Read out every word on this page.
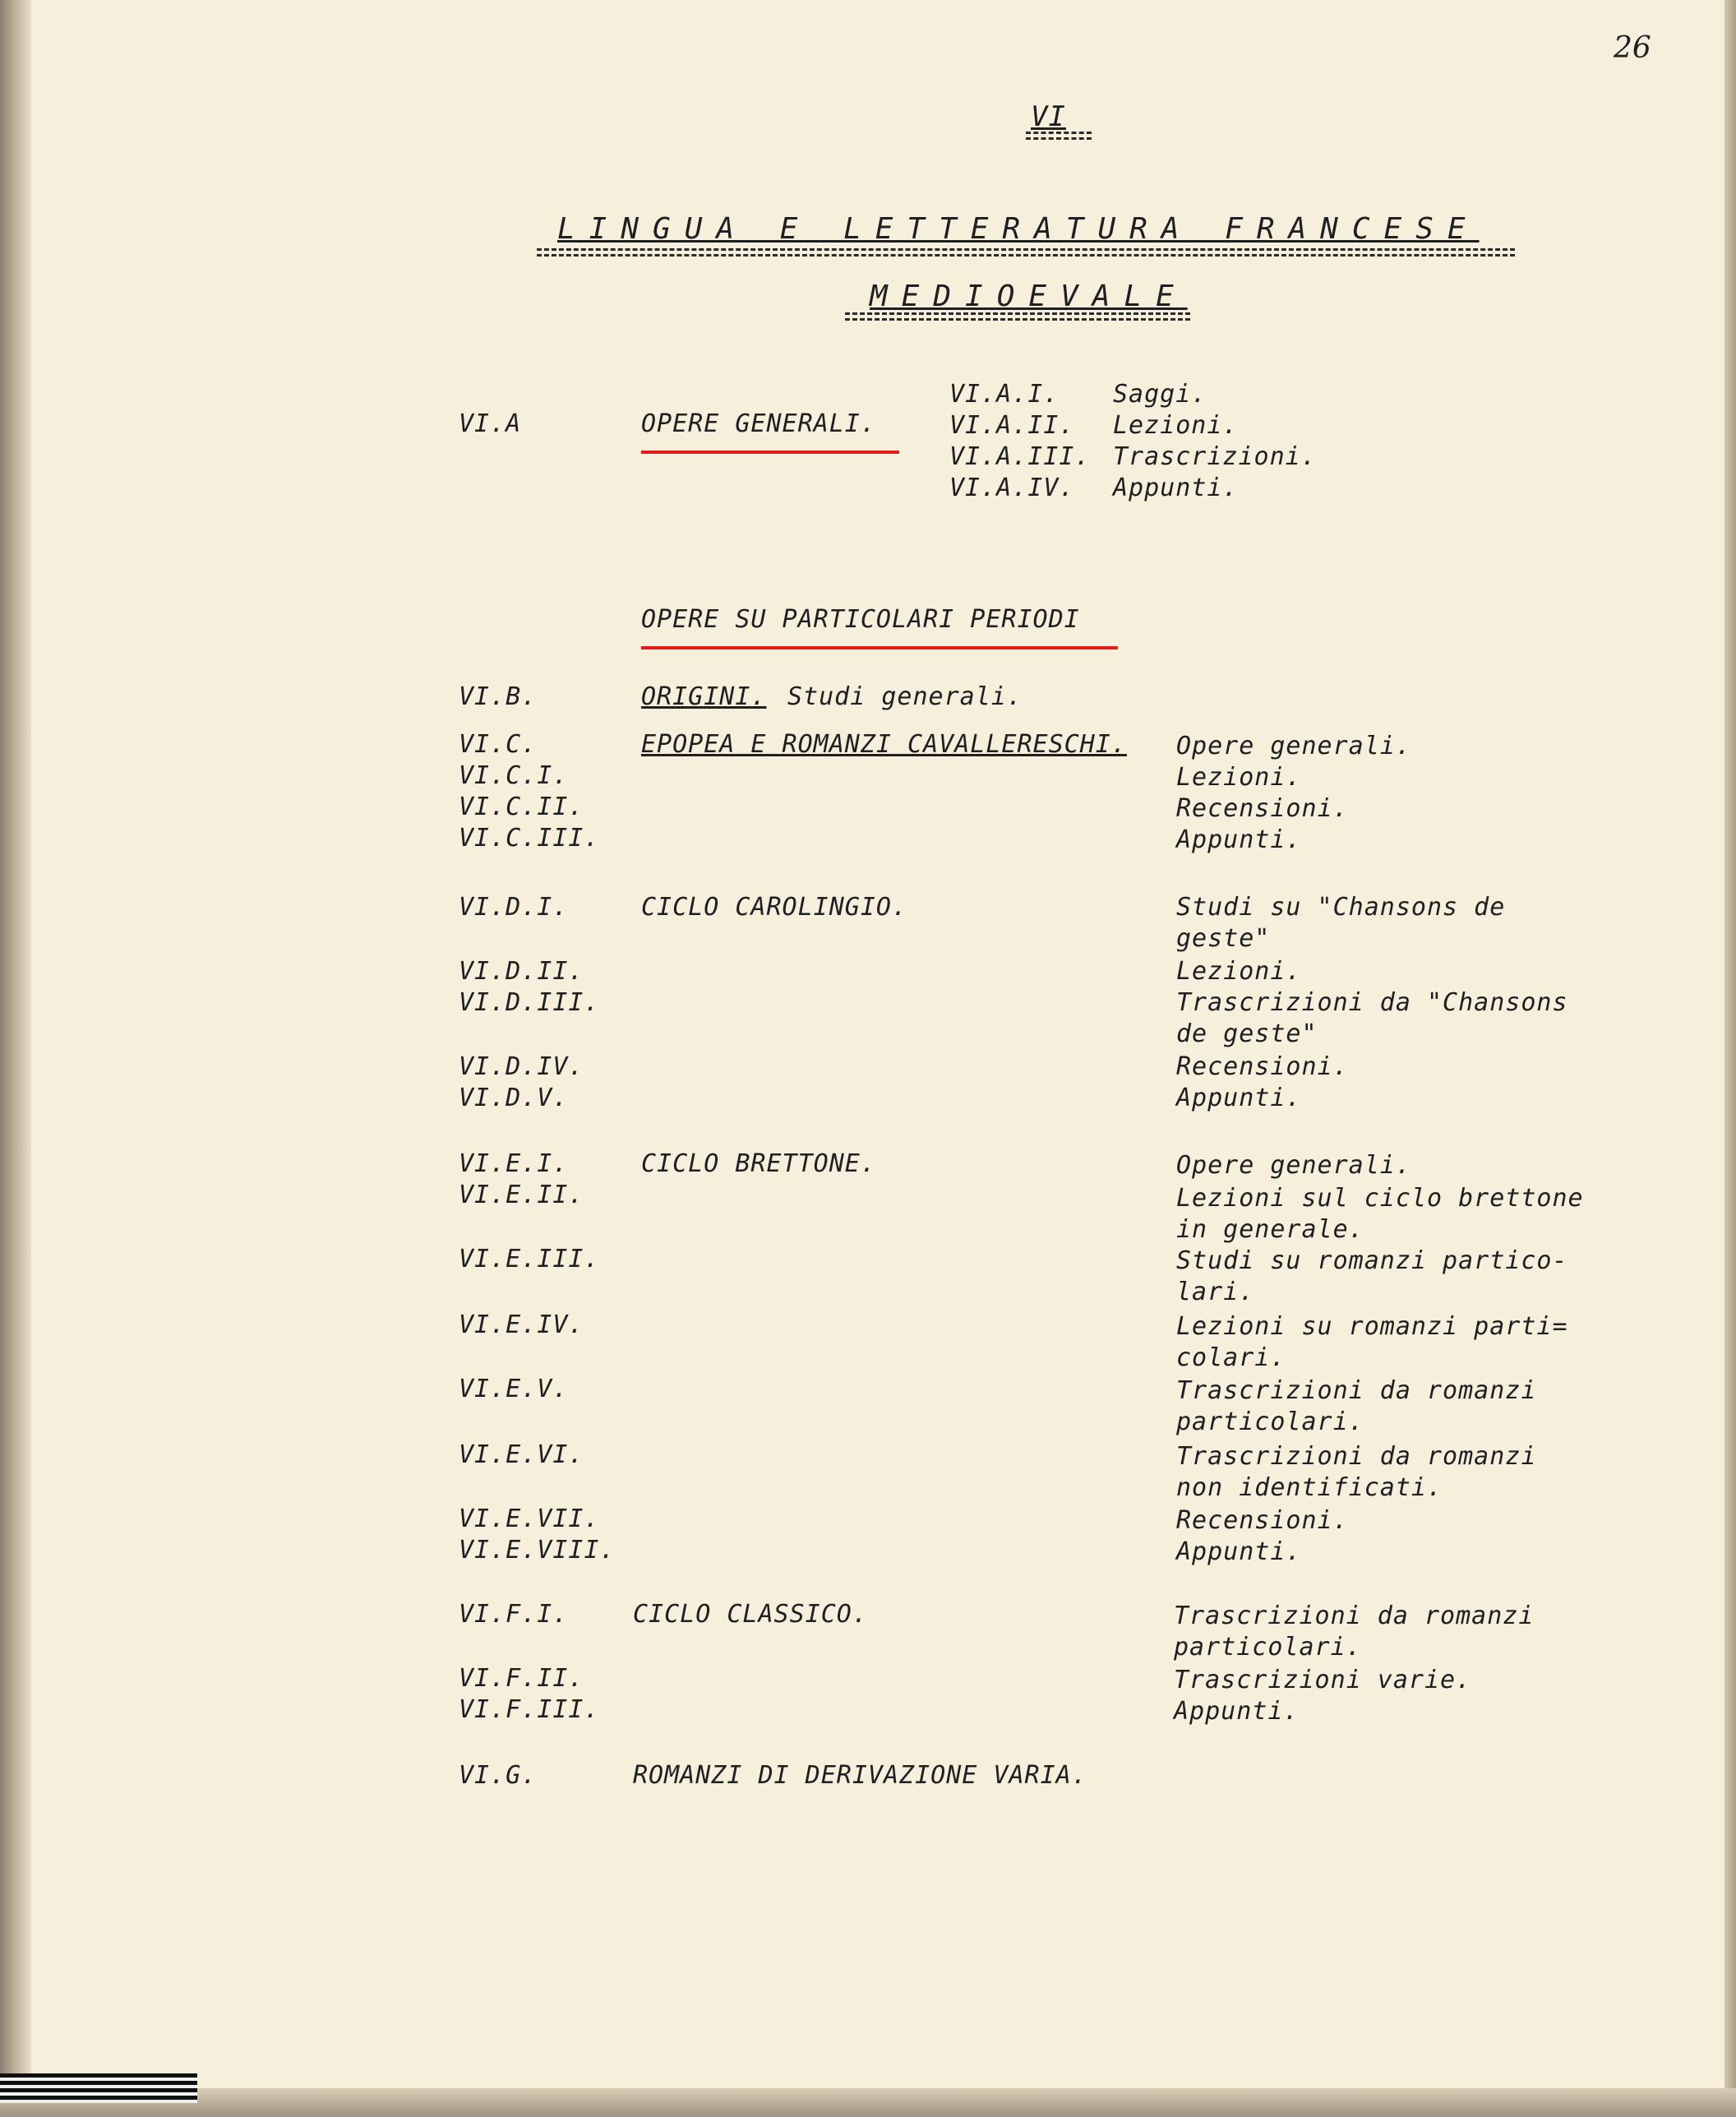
26
VI
LINGUA E LETTERATURA FRANCESE
MEDIOEVALE
VI.A	OPERE GENERALI.
VI.A.I. Saggi.
VI.A.II. Lezioni.
VI.A.III. Trascrizioni.
VI.A.IV. Appunti.
OPERE SU PARTICOLARI PERIODI
VI.B.	ORIGINI. Studi generali.
VI.C.	EPOPEA E ROMANZI CAVALLERESCHI. Opere generali.
VI.C.I.	Lezioni.
VI.C.II.	Recensioni.
VI.C.III.	Appunti.
VI.D.I.	CICLO CAROLINGIO.	Studi su "Chansons de
geste"
VI.D.II.	Lezioni.
VI.D.III.	Trascrizioni da "Chansons
de geste"
VI.D.IV.	Recensioni.
VI.D.V.	Appunti.
VI.E.I.	CICLO BRETTONE.	Opere generali.
VI.E.II.	Lezioni sul ciclo brettone
in generale.
VI.E.III.	Studi su romanzi partico-
lari.
VI.E.IV.	Lezioni su romanzi parti=
colari.
VI.E.V.	Trascrizioni da romanzi
particolari.
VI.E.VI.	Trascrizioni da romanzi
non identificati.
VI.E.VII.	Recensioni.
VI.E.VIII.	Appunti.
VI.F.I.	CICLO CLASSICO.	Trascrizioni da romanzi
particolari.
VI.F.II.	Trascrizioni varie.
VI.F.III.	Appunti.
VI.G.	ROMANZI DI DERIVAZIONE VARIA.
